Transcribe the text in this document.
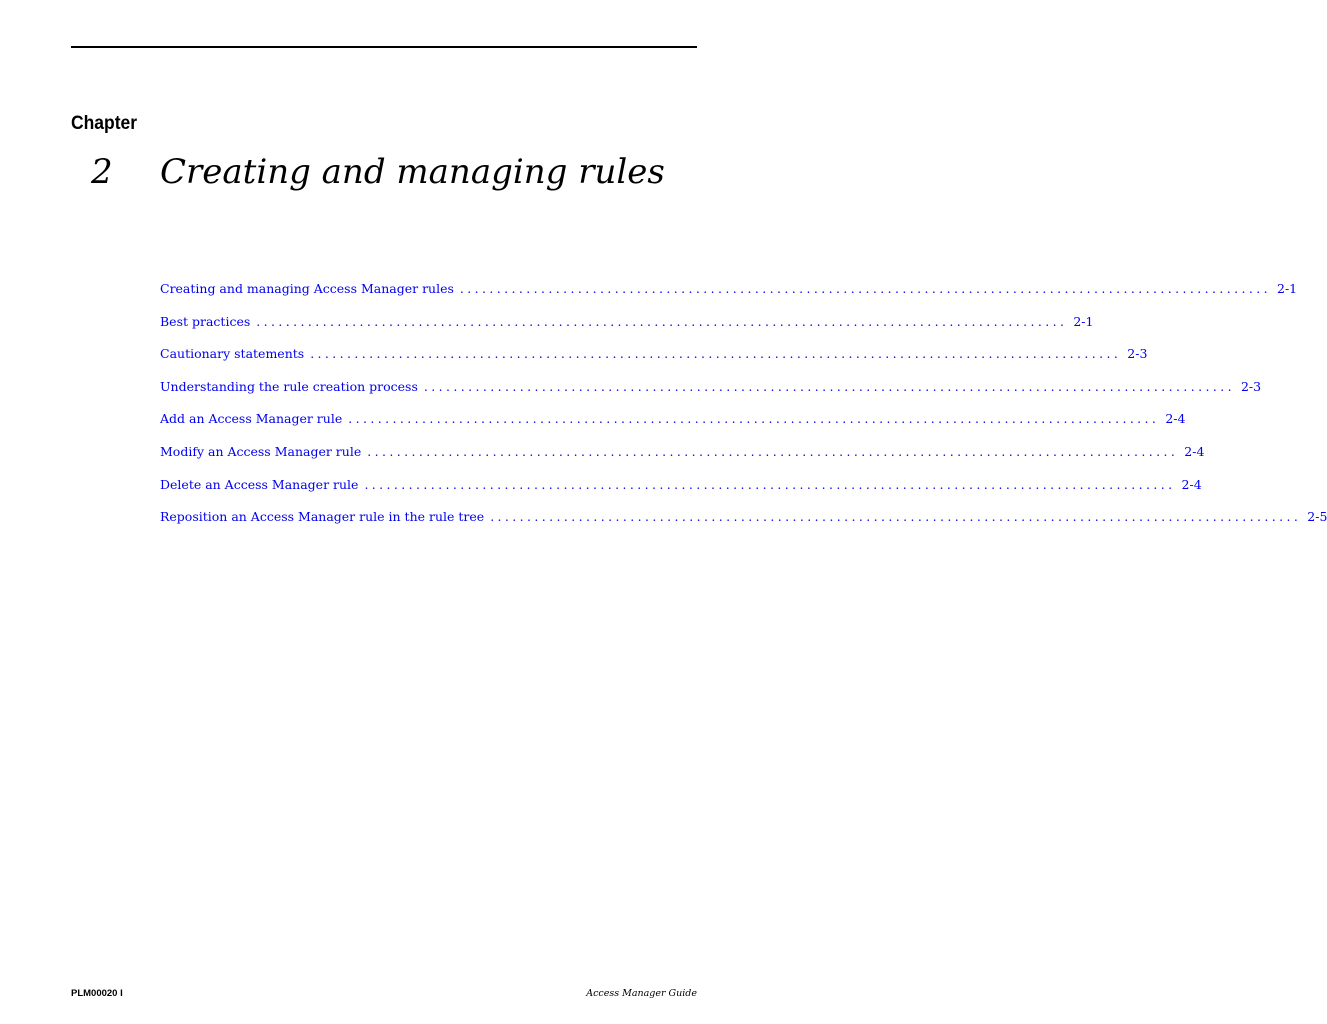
Chapter
2 Creating and managing rules
Creating and managing Access Manager rules .............................................................................................................. 2-1
Best practices .............................................................................................................. 2-1
Cautionary statements .............................................................................................................. 2-3
Understanding the rule creation process .............................................................................................................. 2-3
Add an Access Manager rule .............................................................................................................. 2-4
Modify an Access Manager rule .............................................................................................................. 2-4
Delete an Access Manager rule .............................................................................................................. 2-4
Reposition an Access Manager rule in the rule tree .............................................................................................................. 2-5
PLM00020 I	Access Manager Guide
